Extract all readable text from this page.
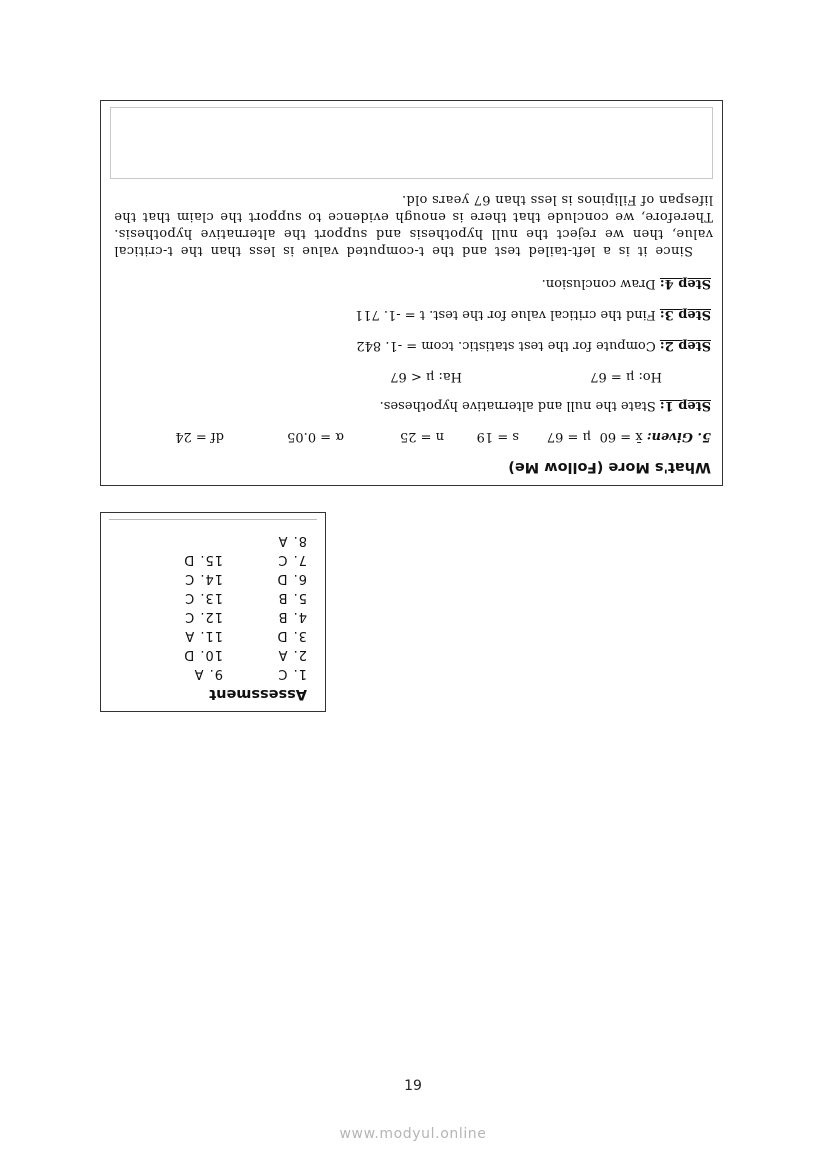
What's More (Follow Me)
5. Given: x̄ = 60
μ = 67
s = 19
n = 25
α = 0.05
df = 24
Step 1: State the null and alternative hypotheses.
Ho: μ = 67
Ha: μ < 67
Step 2: Compute for the test statistic. tcom = -1. 842
Step 3: Find the critical value for the test. t = -1. 711
Step 4: Draw conclusion.
Since it is a left-tailed test and the t-computed value is less than the t-critical value, then we reject the null hypothesis and support the alternative hypothesis. Therefore, we conclude that there is enough evidence to support the claim that the lifespan of Filipinos is less than 67 years old.
Assessment
1. C
9. A
2. A
10. D
3. D
11. A
4. B
12. C
5. B
13. C
6. D
14. C
7. C
15. D
8. A
19
www.modyul.online
